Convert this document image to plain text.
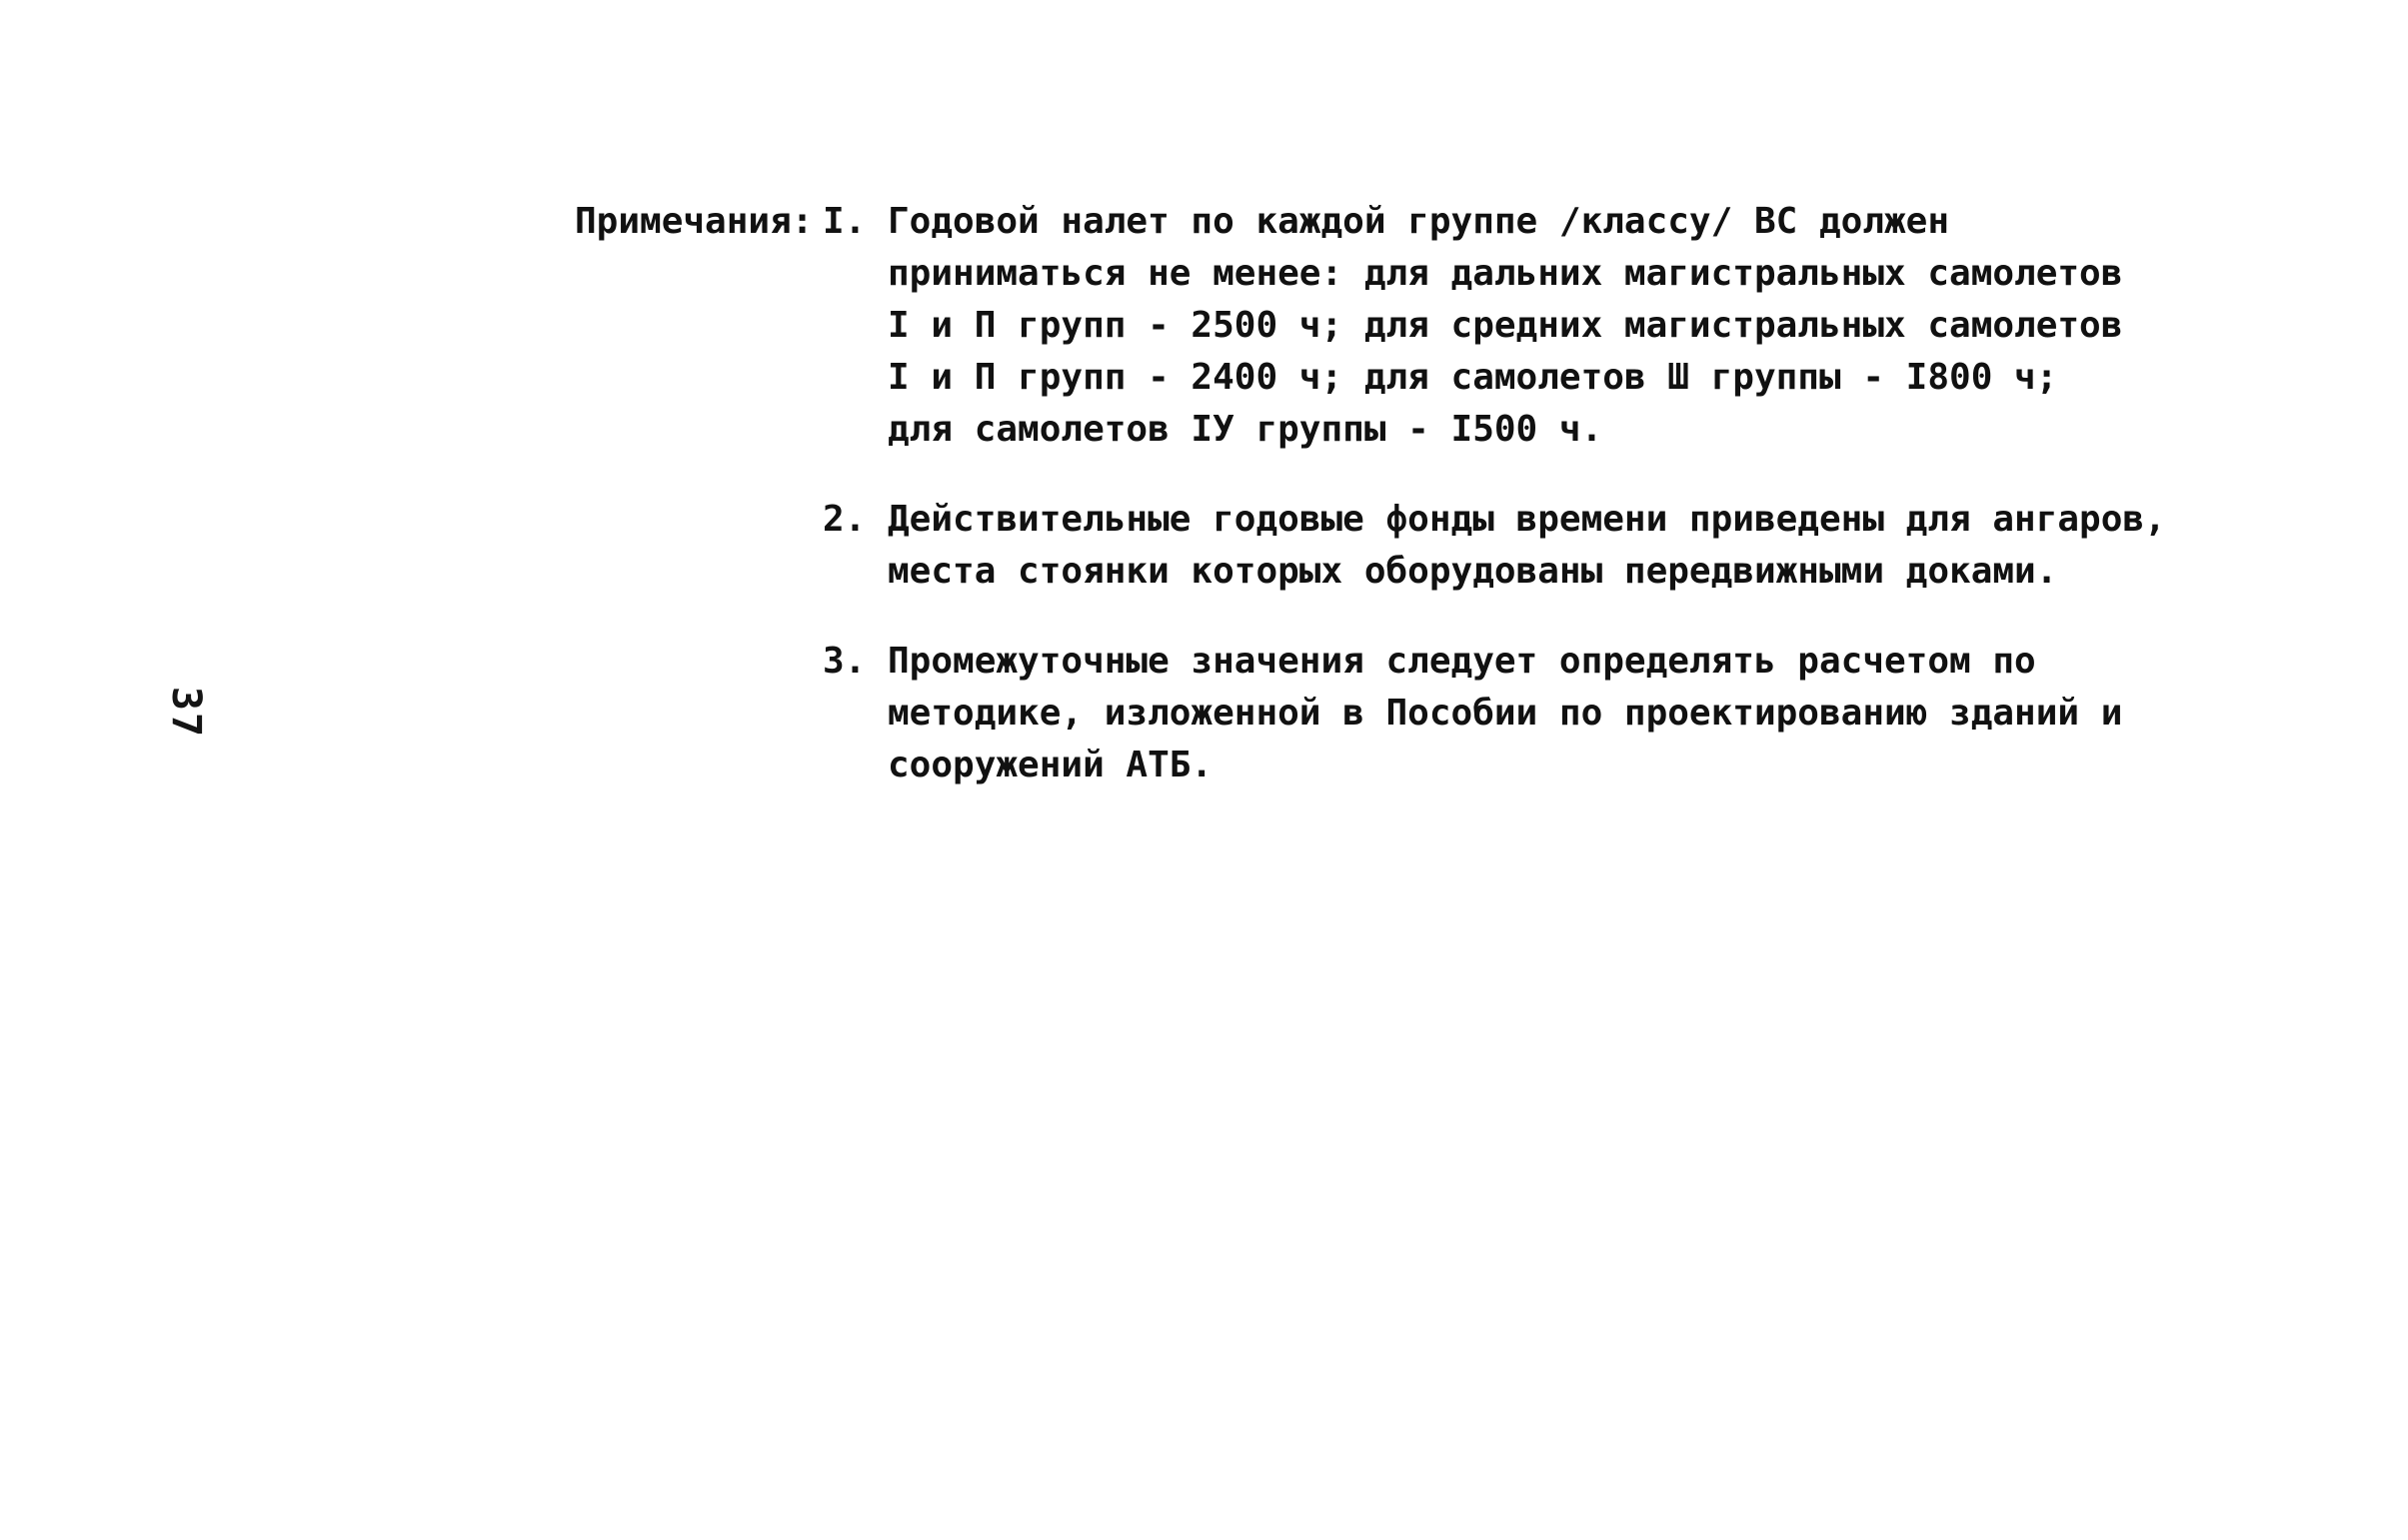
37
Примечания: I. Годовой налет по каждой группе /классу/ ВС должен
приниматься не менее: для дальних магистральных самолетов
I и П групп - 2500 ч; для средних магистральных самолетов
I и П групп - 2400 ч; для самолетов Ш группы - I800 ч;
для самолетов IУ группы - I500 ч.
2. Действительные годовые фонды времени приведены для ангаров,
места стоянки которых оборудованы передвижными доками.
3. Промежуточные значения следует определять расчетом по
методике, изложенной в Пособии по проектированию зданий и
сооружений АТБ.
